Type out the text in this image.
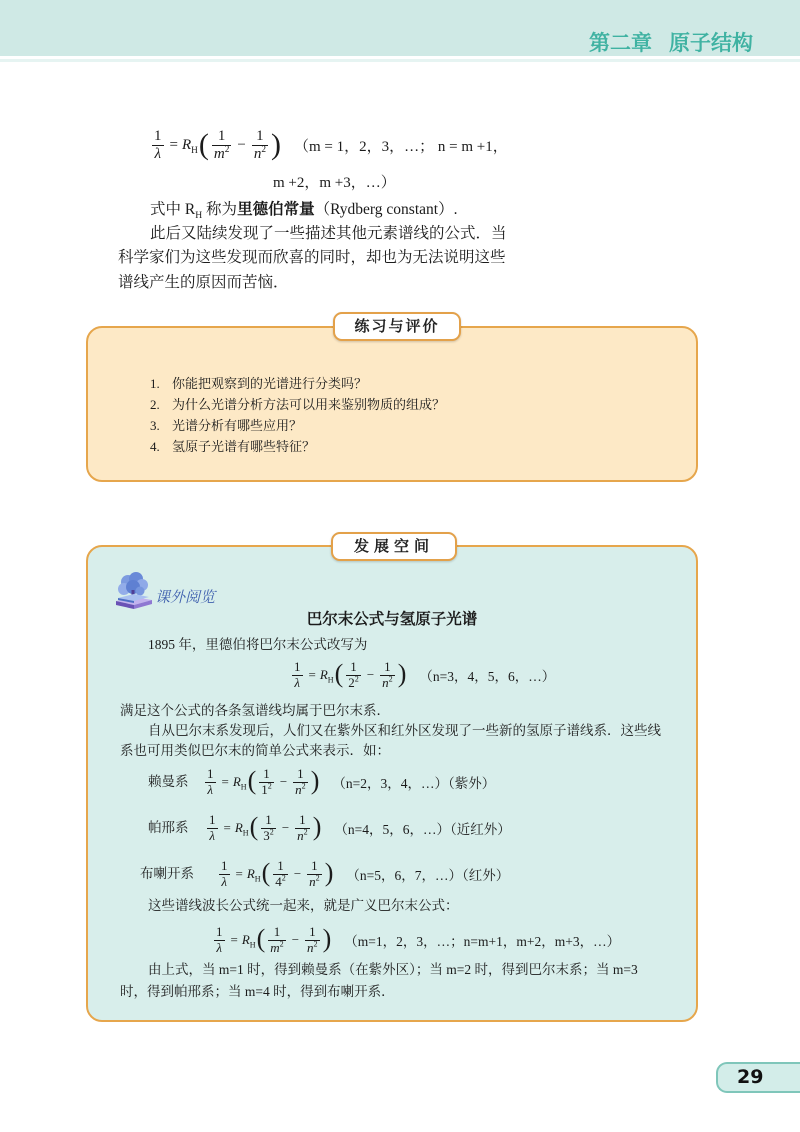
第二章 原子结构
$\frac{1}{\lambda} = R_H$ ( $\frac{1}{m^2} - \frac{1}{n^2}$ ) （m = 1，2，3，…； n = m +1，
m +2，m +3，…）
式中 $R_H$ 称为里德伯常量（Rydberg constant）.
此后又陆续发现了一些描述其他元素谱线的公式．当
科学家们为这些发现而欣喜的同时，却也为无法说明这些
谱线产生的原因而苦恼．
练习与评价
1. 你能把观察到的光谱进行分类吗？
2. 为什么光谱分析方法可以用来鉴别物质的组成？
3. 光谱分析有哪些应用？
4. 氢原子光谱有哪些特征？
发展空间
课外阅览
巴尔末公式与氢原子光谱
1895 年，里德伯将巴尔末公式改写为
$\frac{1}{\lambda} = R_H$ ( $\frac{1}{2^2} - \frac{1}{n^2}$ ) （n=3，4，5，6，…）
满足这个公式的各条氢谱线均属于巴尔末系．
自从巴尔末系发现后，人们又在紫外区和红外区发现了一些新的氢原子谱线系．这些线
系也可用类似巴尔末的简单公式来表示．如：
赖曼系 $\frac{1}{\lambda} = R_H$ ( $\frac{1}{1^2} - \frac{1}{n^2}$ ) （n=2，3，4，…）（紫外）
帕邢系 $\frac{1}{\lambda} = R_H$ ( $\frac{1}{3^2} - \frac{1}{n^2}$ ) （n=4，5，6，…）（近红外）
布喇开系 $\frac{1}{\lambda} = R_H$ ( $\frac{1}{4^2} - \frac{1}{n^2}$ ) （n=5，6，7，…）（红外）
这些谱线波长公式统一起来，就是广义巴尔末公式：
$\frac{1}{\lambda} = R_H$ ( $\frac{1}{m^2} - \frac{1}{n^2}$ ) （m=1，2，3，…；n=m+1，m+2，m+3，…）
由上式，当 m=1 时，得到赖曼系（在紫外区）；当 m=2 时，得到巴尔末系；当 m=3
时，得到帕邢系；当 m=4 时，得到布喇开系．
29
